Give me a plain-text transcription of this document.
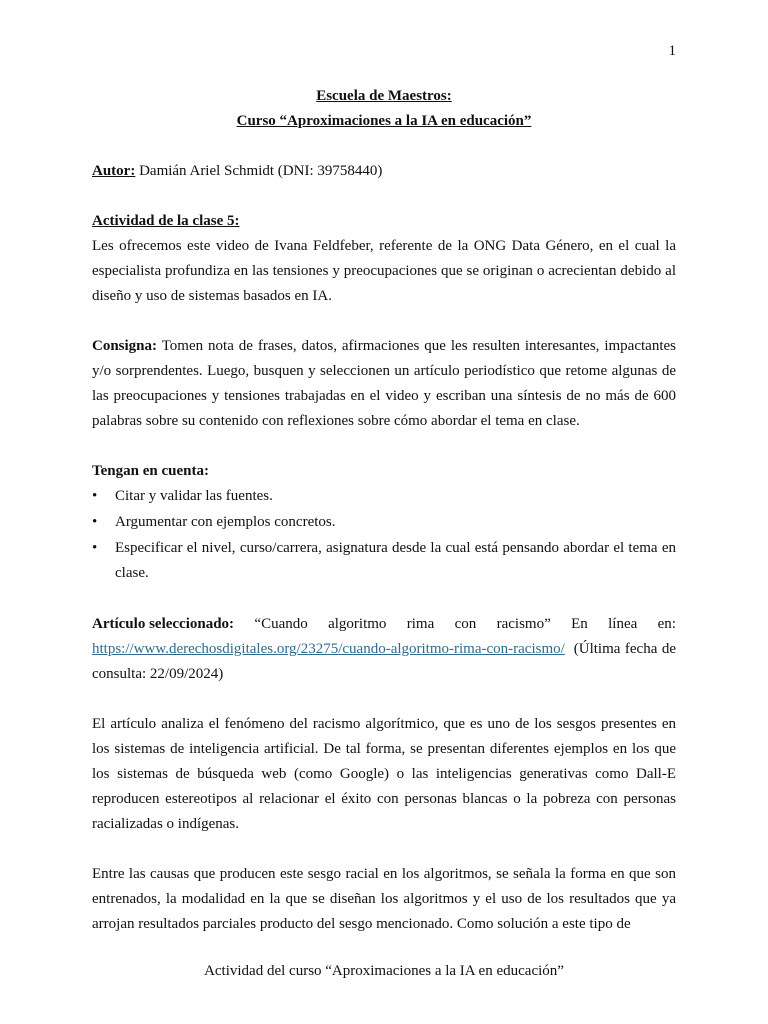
1

Escuela de Maestros:

Curso “Aproximaciones a la IA en educación”

Autor: Damián Ariel Schmidt (DNI: 39758440)

Actividad de la clase 5:

Les ofrecemos este video de Ivana Feldfeber, referente de la ONG Data Género, en el cual la especialista profundiza en las tensiones y preocupaciones que se originan o acrecientan debido al diseño y uso de sistemas basados en IA.

Consigna: Tomen nota de frases, datos, afirmaciones que les resulten interesantes, impactantes y/o sorprendentes. Luego, busquen y seleccionen un artículo periodístico que retome algunas de las preocupaciones y tensiones trabajadas en el video y escriban una síntesis de no más de 600 palabras sobre su contenido con reflexiones sobre cómo abordar el tema en clase.

Tengan en cuenta:

• Citar y validar las fuentes.
• Argumentar con ejemplos concretos.
• Especificar el nivel, curso/carrera, asignatura desde la cual está pensando abordar el tema en clase.
Artículo seleccionado: “Cuando algoritmo rima con racismo” En línea en:

https://www.derechosdigitales.org/23275/cuando-algoritmo-rima-con-racismo/  (Última fecha de consulta: 22/09/2024)

El artículo analiza el fenómeno del racismo algorítmico, que es uno de los sesgos presentes en los sistemas de inteligencia artificial. De tal forma, se presentan diferentes ejemplos en los que los sistemas de búsqueda web (como Google) o las inteligencias generativas como Dall-E reproducen estereotipos al relacionar el éxito con personas blancas o la pobreza con personas racializadas o indígenas.

Entre las causas que producen este sesgo racial en los algoritmos, se señala la forma en que son entrenados, la modalidad en la que se diseñan los algoritmos y el uso de los resultados que ya arrojan resultados parciales producto del sesgo mencionado. Como solución a este tipo de

Actividad del curso “Aproximaciones a la IA en educación”
